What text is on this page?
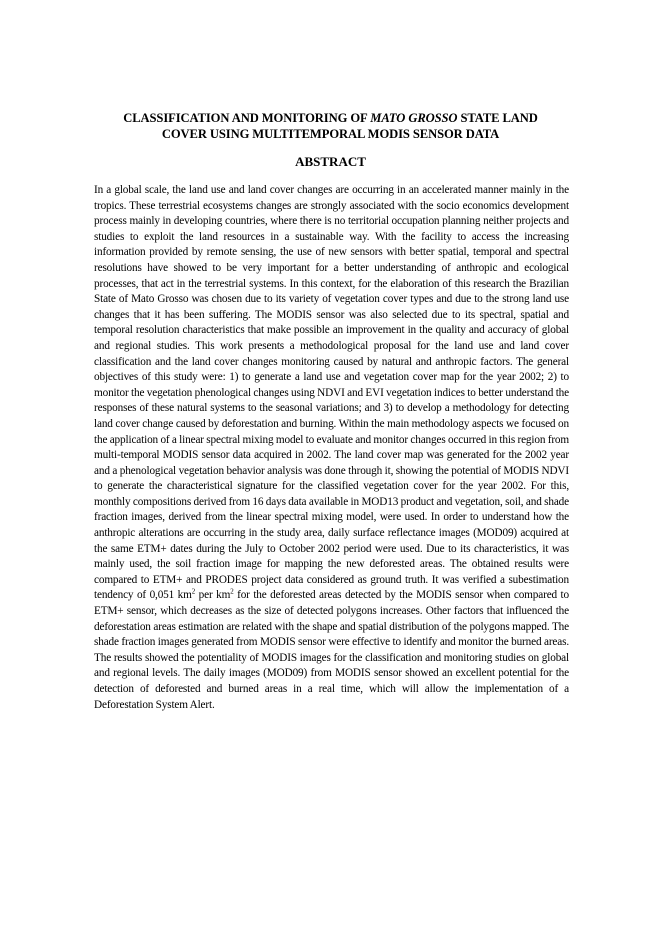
CLASSIFICATION AND MONITORING OF MATO GROSSO STATE LAND
COVER USING MULTITEMPORAL MODIS SENSOR DATA
ABSTRACT
In a global scale, the land use and land cover changes are occurring in an accelerated manner mainly in the tropics. These terrestrial ecosystems changes are strongly associated with the socio economics development process mainly in developing countries, where there is no territorial occupation planning neither projects and studies to exploit the land resources in a sustainable way. With the facility to access the increasing information provided by remote sensing, the use of new sensors with better spatial, temporal and spectral resolutions have showed to be very important for a better understanding of anthropic and ecological processes, that act in the terrestrial systems. In this context, for the elaboration of this research the Brazilian State of Mato Grosso was chosen due to its variety of vegetation cover types and due to the strong land use changes that it has been suffering. The MODIS sensor was also selected due to its spectral, spatial and temporal resolution characteristics that make possible an improvement in the quality and accuracy of global and regional studies. This work presents a methodological proposal for the land use and land cover classification and the land cover changes monitoring caused by natural and anthropic factors. The general objectives of this study were: 1) to generate a land use and vegetation cover map for the year 2002; 2) to monitor the vegetation phenological changes using NDVI and EVI vegetation indices to better understand the responses of these natural systems to the seasonal variations; and 3) to develop a methodology for detecting land cover change caused by deforestation and burning. Within the main methodology aspects we focused on the application of a linear spectral mixing model to evaluate and monitor changes occurred in this region from multi-temporal MODIS sensor data acquired in 2002. The land cover map was generated for the 2002 year and a phenological vegetation behavior analysis was done through it, showing the potential of MODIS NDVI to generate the characteristical signature for the classified vegetation cover for the year 2002. For this, monthly compositions derived from 16 days data available in MOD13 product and vegetation, soil, and shade fraction images, derived from the linear spectral mixing model, were used. In order to understand how the anthropic alterations are occurring in the study area, daily surface reflectance images (MOD09) acquired at the same ETM+ dates during the July to October 2002 period were used. Due to its characteristics, it was mainly used, the soil fraction image for mapping the new deforested areas. The obtained results were compared to ETM+ and PRODES project data considered as ground truth. It was verified a subestimation tendency of 0,051 $km^2$ per $km^2$ for the deforested areas detected by the MODIS sensor when compared to ETM+ sensor, which decreases as the size of detected polygons increases. Other factors that influenced the deforestation areas estimation are related with the shape and spatial distribution of the polygons mapped. The shade fraction images generated from MODIS sensor were effective to identify and monitor the burned areas. The results showed the potentiality of MODIS images for the classification and monitoring studies on global and regional levels. The daily images (MOD09) from MODIS sensor showed an excellent potential for the detection of deforested and burned areas in a real time, which will allow the implementation of a Deforestation System Alert.
